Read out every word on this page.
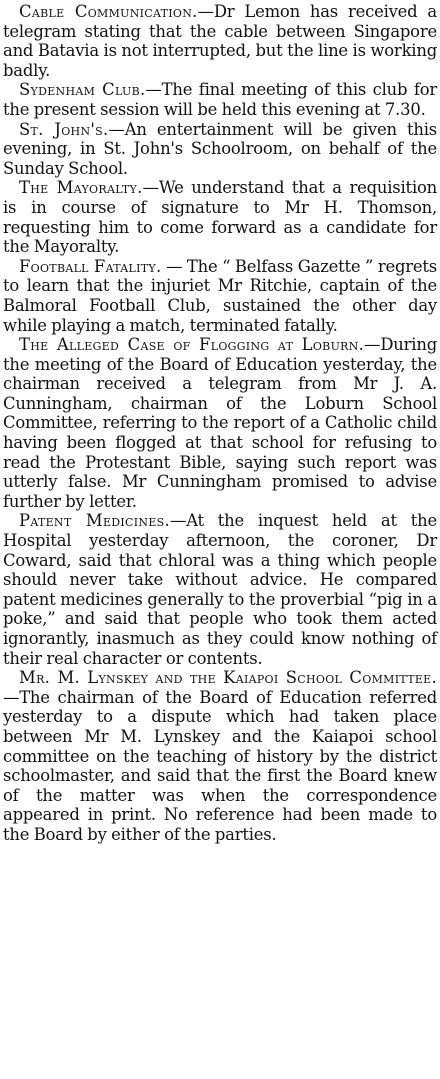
Cable Communication.—Dr Lemon has received a telegram stating that the cable between Singapore and Batavia is not interrupted, but the line is working badly.

Sydenham Club.—The final meeting of this club for the present session will be held this evening at 7.30.

St. John's.—An entertainment will be given this evening, in St. John's Schoolroom, on behalf of the Sunday School.

The Mayoralty.—We understand that a requisition is in course of signature to Mr H. Thomson, requesting him to come forward as a candidate for the Mayoralty.

Football Fatality. — The “ Belfass Gazette ” regrets to learn that the injuriet Mr Ritchie, captain of the Balmoral Football Club, sustained the other day while playing a match, terminated fatally.

The Alleged Case of Flogging at Loburn.—During the meeting of the Board of Education yesterday, the chairman received a telegram from Mr J. A. Cunningham, chairman of the Loburn School Committee, referring to the report of a Catholic child having been flogged at that school for refusing to read the Protestant Bible, saying such report was utterly false. Mr Cunningham promised to advise further by letter.

Patent Medicines.—At the inquest held at the Hospital yesterday afternoon, the coroner, Dr Coward, said that chloral was a thing which people should never take without advice. He compared patent medicines generally to the proverbial “pig in a poke,” and said that people who took them acted ignorantly, inasmuch as they could know nothing of their real character or contents.

Mr. M. Lynskey and the Kaiapoi School Committee.—The chairman of the Board of Education referred yesterday to a dispute which had taken place between Mr M. Lynskey and the Kaiapoi school committee on the teaching of history by the district schoolmaster, and said that the first the Board knew of the matter was when the correspondence appeared in print. No reference had been made to the Board by either of the parties.
